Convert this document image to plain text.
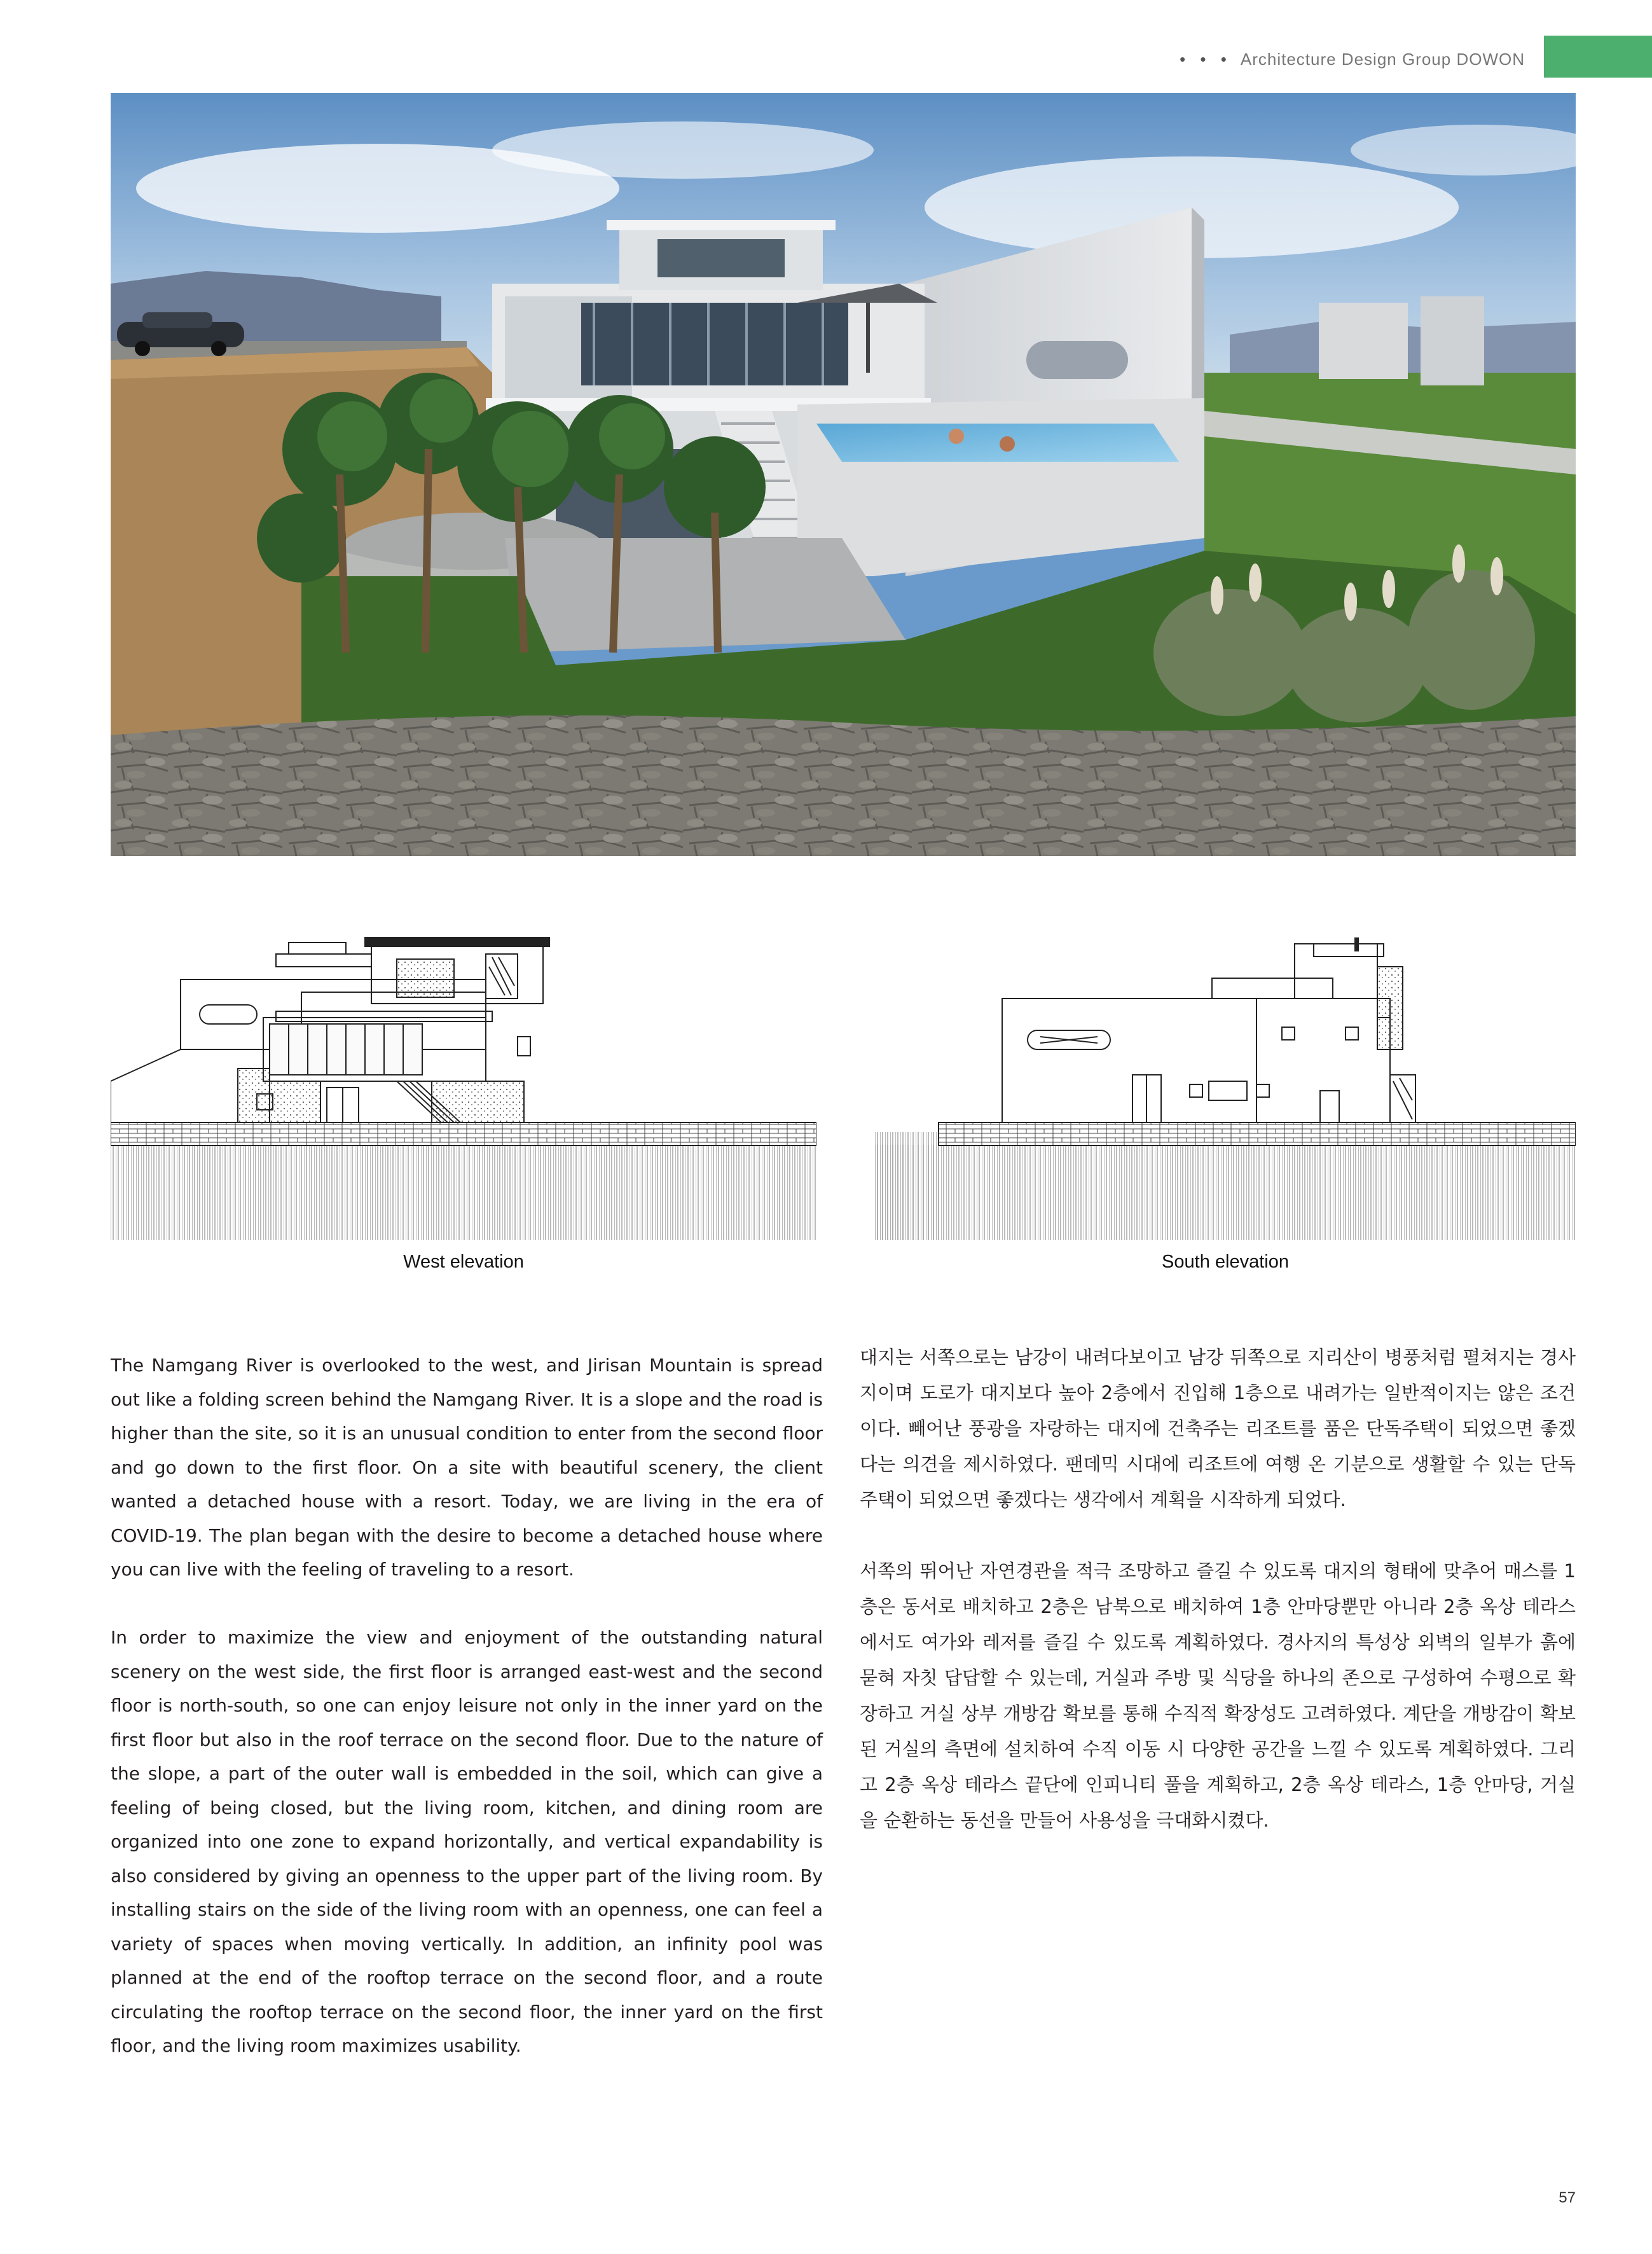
• • • Architecture Design Group DOWON
West elevation	South elevation

The Namgang River is overlooked to the west, and Jirisan Mountain is spread out like a folding screen behind the Namgang River. It is a slope and the road is higher than the site, so it is an unusual condition to enter from the second floor and go down to the first floor. On a site with beautiful scenery, the client wanted a detached house with a resort. Today, we are living in the era of COVID-19. The plan began with the desire to become a detached house where you can live with the feeling of traveling to a resort.

In order to maximize the view and enjoyment of the outstanding natural scenery on the west side, the first floor is arranged east-west and the second floor is north-south, so one can enjoy leisure not only in the inner yard on the first floor but also in the roof terrace on the second floor. Due to the nature of the slope, a part of the outer wall is embedded in the soil, which can give a feeling of being closed, but the living room, kitchen, and dining room are organized into one zone to expand horizontally, and vertical expandability is also considered by giving an openness to the upper part of the living room. By installing stairs on the side of the living room with an openness, one can feel a variety of spaces when moving vertically. In addition, an infinity pool was planned at the end of the rooftop terrace on the second floor, and a route circulating the rooftop terrace on the second floor, the inner yard on the first floor, and the living room maximizes usability.

대지는 서쪽으로는 남강이 내려다보이고 남강 뒤쪽으로 지리산이 병풍처럼 펼쳐지는 경사지이며 도로가 대지보다 높아 2층에서 진입해 1층으로 내려가는 일반적이지는 않은 조건이다. 빼어난 풍광을 자랑하는 대지에 건축주는 리조트를 품은 단독주택이 되었으면 좋겠다는 의견을 제시하였다. 팬데믹 시대에 리조트에 여행 온 기분으로 생활할 수 있는 단독주택이 되었으면 좋겠다는 생각에서 계획을 시작하게 되었다.

서쪽의 뛰어난 자연경관을 적극 조망하고 즐길 수 있도록 대지의 형태에 맞추어 매스를 1층은 동서로 배치하고 2층은 남북으로 배치하여 1층 안마당뿐만 아니라 2층 옥상 테라스에서도 여가와 레저를 즐길 수 있도록 계획하였다. 경사지의 특성상 외벽의 일부가 흙에 묻혀 자칫 답답할 수 있는데, 거실과 주방 및 식당을 하나의 존으로 구성하여 수평으로 확장하고 거실 상부 개방감 확보를 통해 수직적 확장성도 고려하였다. 계단을 개방감이 확보된 거실의 측면에 설치하여 수직 이동 시 다양한 공간을 느낄 수 있도록 계획하였다. 그리고 2층 옥상 테라스 끝단에 인피니티 풀을 계획하고, 2층 옥상 테라스, 1층 안마당, 거실을 순환하는 동선을 만들어 사용성을 극대화시켰다.

57
